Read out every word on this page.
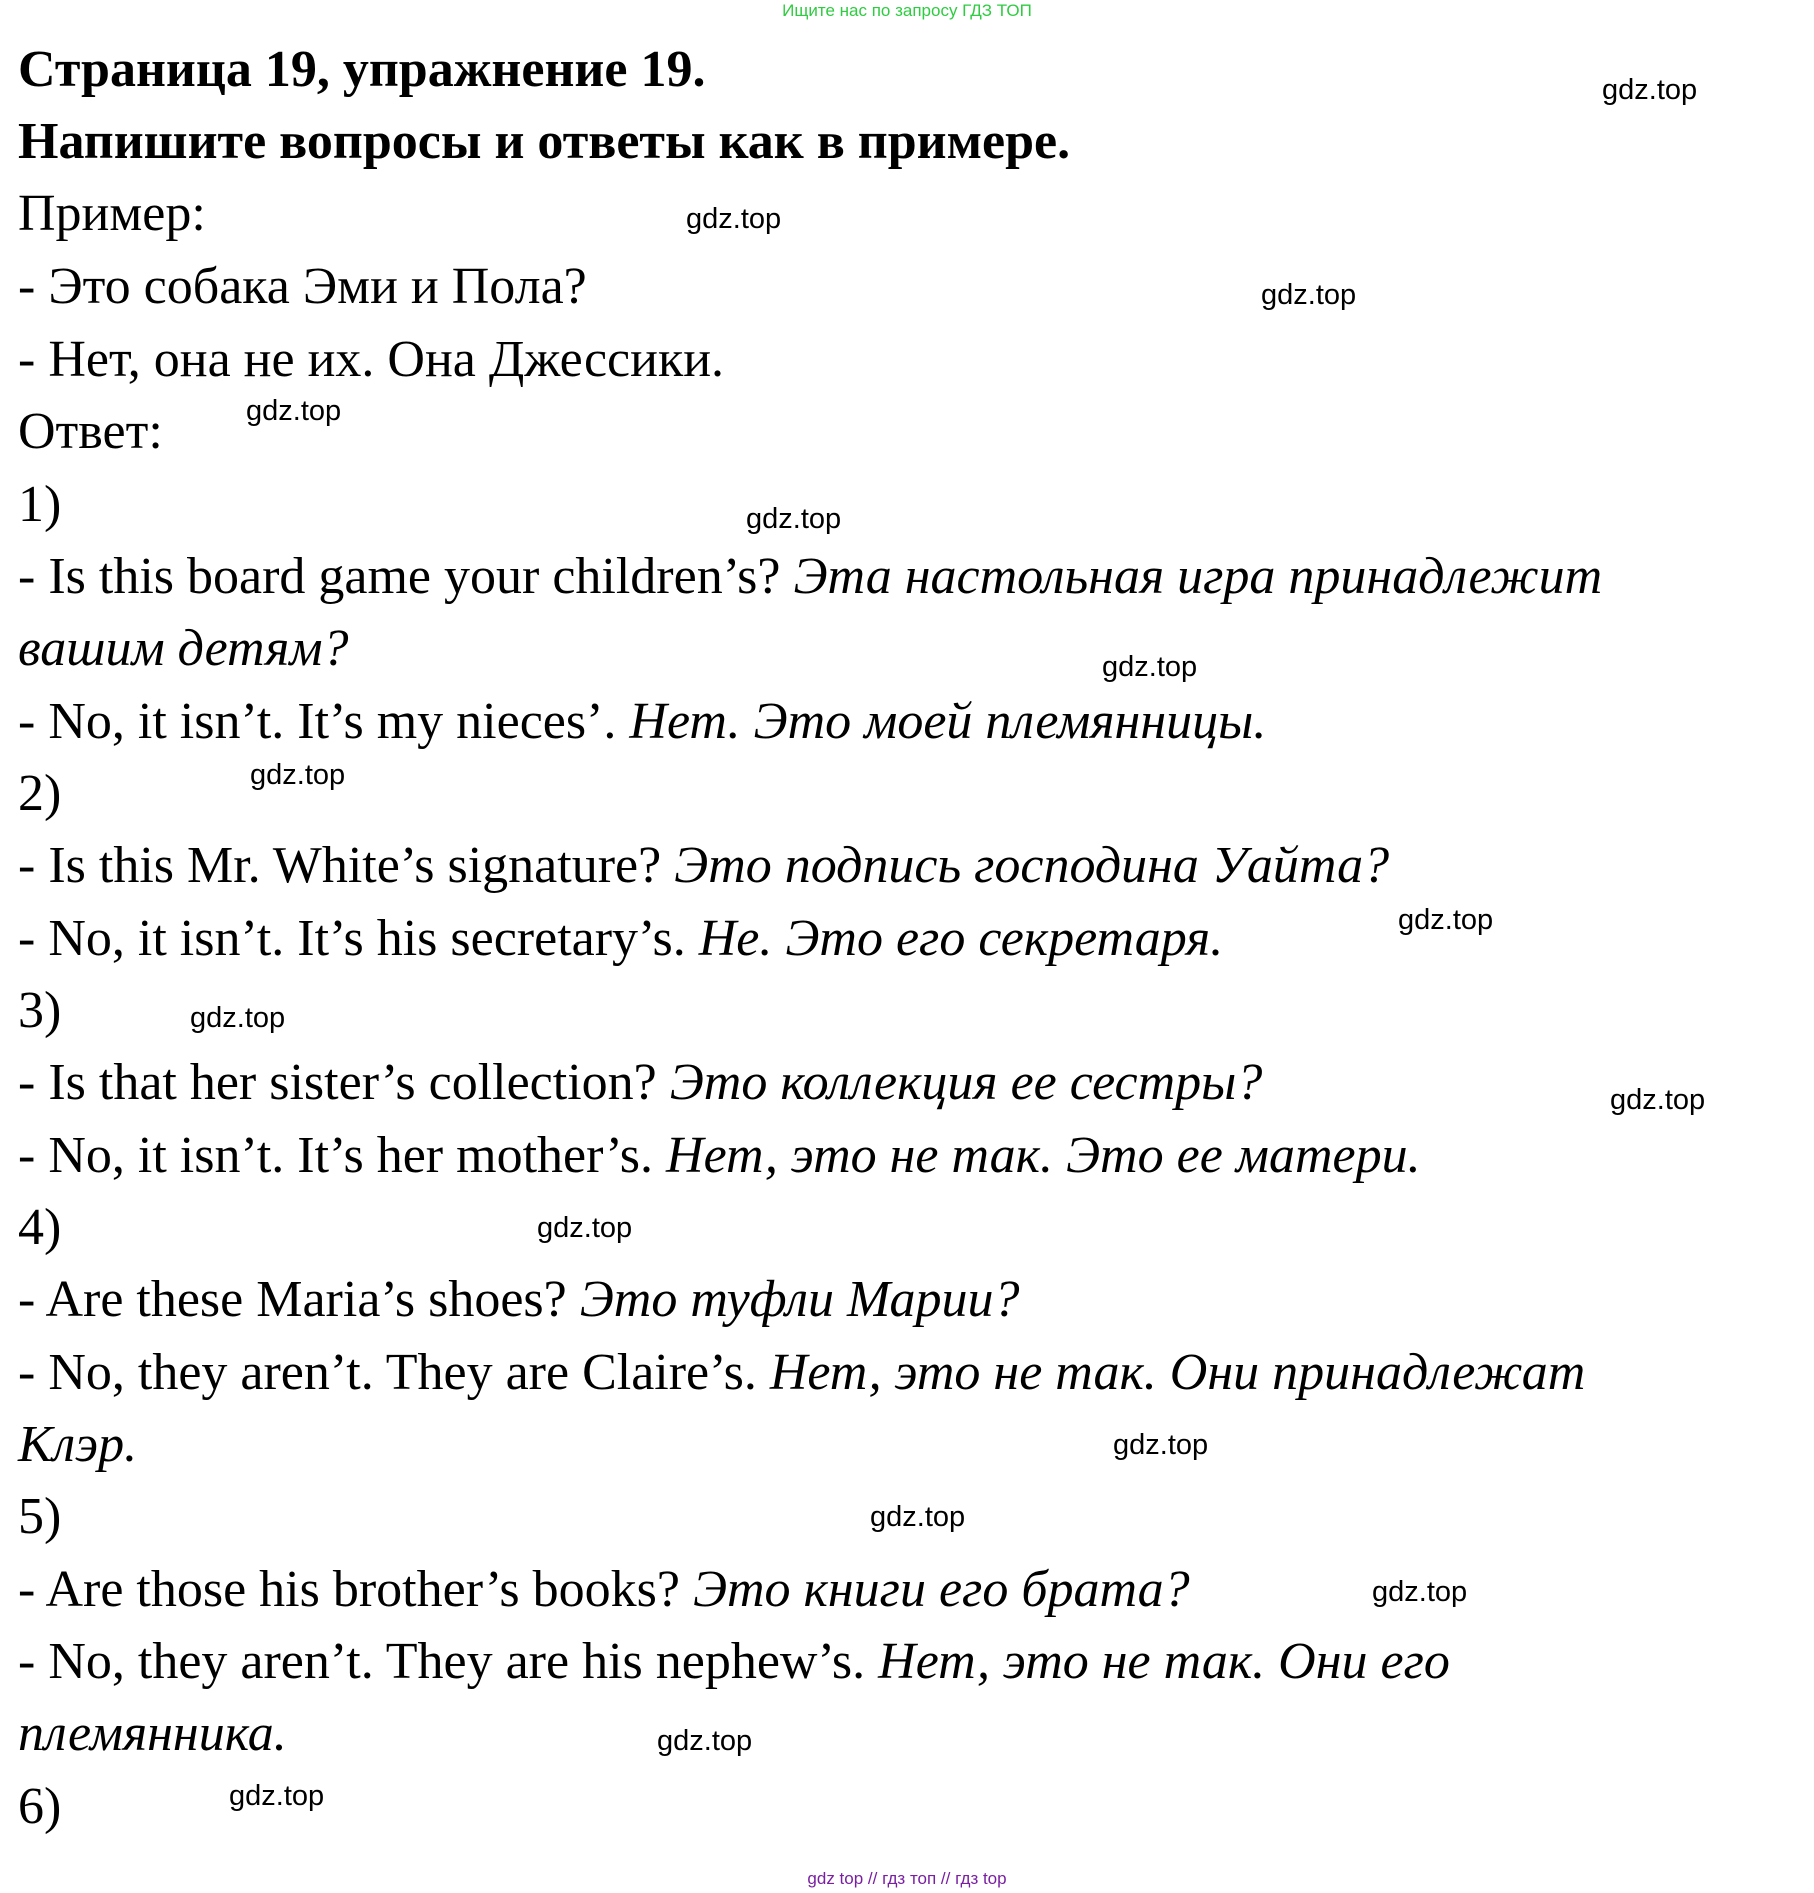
Ищите нас по запросу ГДЗ ТОП
Страница 19, упражнение 19.
Напишите вопросы и ответы как в примере.
Пример:
- Это собака Эми и Пола?
- Нет, она не их. Она Джессики.
Ответ:
1)
- Is this board game your children’s? Эта настольная игра принадлежит
вашим детям?
- No, it isn’t. It’s my nieces’. Нет. Это моей племянницы.
2)
- Is this Mr. White’s signature? Это подпись господина Уайта?
- No, it isn’t. It’s his secretary’s. Не. Это его секретаря.
3)
- Is that her sister’s collection? Это коллекция ее сестры?
- No, it isn’t. It’s her mother’s. Нет, это не так. Это ее матери.
4)
- Are these Maria’s shoes? Это туфли Марии?
- No, they aren’t. They are Claire’s. Нет, это не так. Они принадлежат
Клэр.
5)
- Are those his brother’s books? Это книги его брата?
- No, they aren’t. They are his nephew’s. Нет, это не так. Они его
племянника.
6)
gdz.top
gdz.top
gdz.top
gdz.top
gdz.top
gdz.top
gdz.top
gdz.top
gdz.top
gdz.top
gdz.top
gdz.top
gdz.top
gdz.top
gdz.top
gdz.top
gdz top // гдз топ // гдз top
